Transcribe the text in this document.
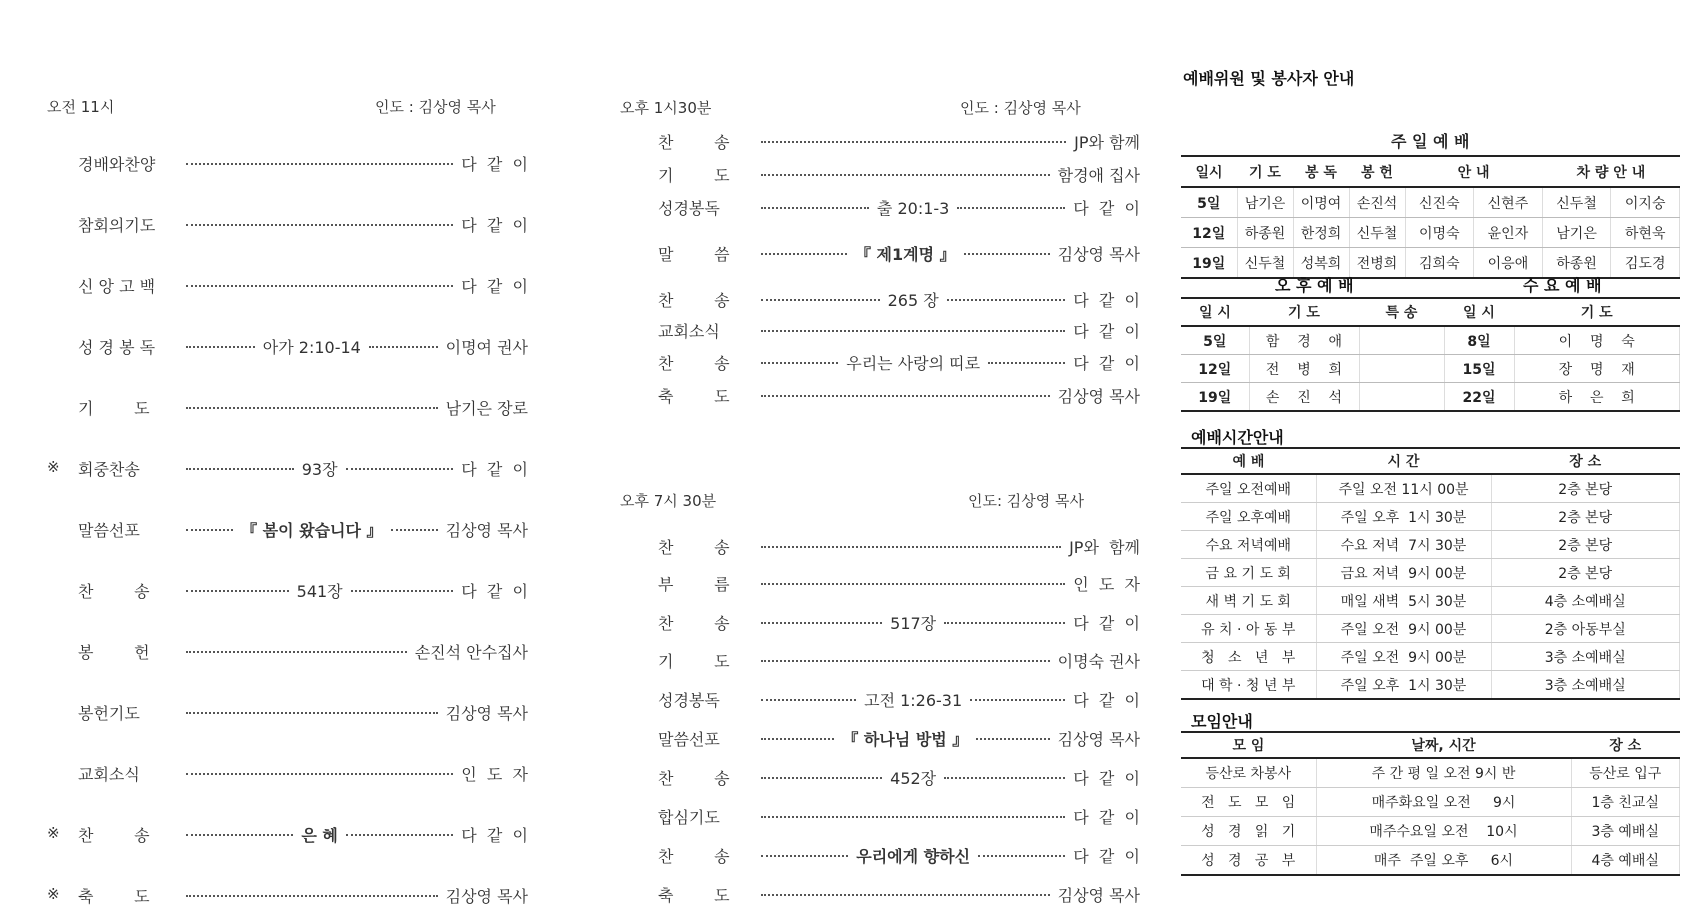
오전 11시	인도 : 김상영 목사
경배와찬양	다  같  이
참회의기도	다  같  이
신 앙 고 백	다  같  이
성 경 봉 독	아가 2:10-14	이명여 권사
기        도	남기은 장로
※ 회중찬송	93장	다  같  이
말씀선포	『 봄이 왔습니다 』	김상영 목사
찬        송	541장	다  같  이
봉        헌	손진석 안수집사
봉헌기도	김상영 목사
교회소식	인  도  자
※ 찬        송	은 혜	다  같  이
※ 축        도	김상영 목사
오후 1시30분	인도 : 김상영 목사
찬        송	JP와 함께
기        도	함경애 집사
성경봉독	출 20:1-3	다  같  이
말        씀	『 제1계명 』	김상영 목사
찬        송	265 장	다  같  이
교회소식	다  같  이
찬        송	우리는 사랑의 띠로	다  같  이
축        도	김상영 목사
오후 7시 30분	인도: 김상영 목사
찬        송	JP와  함께
부        름	인  도  자
찬        송	517장	다  같  이
기        도	이명숙 권사
성경봉독	고전 1:26-31	다  같  이
말씀선포	『 하나님 방법 』	김상영 목사
찬        송	452장	다  같  이
합심기도	다  같  이
찬        송	우리에게 향하신	다  같  이
축        도	김상영 목사
예배위원 및 봉사자 안내
주 일 예 배							
일시	기 도	봉 독	봉 헌	안 내		차 량 안 내	
5일	남기은	이명여	손진석	신진숙	신현주	신두철	이지숭
12일	하종원	한정희	신두철	이명숙	윤인자	남기은	하현욱
19일	신두철	성복희	전병희	김희숙	이응애	하종원	김도경
오 후 예 배	수 요 예 배
일 시	기 도	특 송	일 시	기 도
5일	함    경    애		8일	이    명    숙
12일	전    병    희		15일	장    명    재
19일	손    진    석		22일	하    은    희
예배시간안내
예 배	시 간	장 소
주일 오전예배	주일 오전 11시 00분	2층 본당
주일 오후예배	주일 오후  1시 30분	2층 본당
수요 저녁예배	수요 저녁  7시 30분	2층 본당
금 요 기 도 회	금요 저녁  9시 00분	2층 본당
새 벽 기 도 회	매일 새벽  5시 30분	4층 소예배실
유 치 · 아 동 부	주일 오전  9시 00분	2층 아동부실
청   소   년   부	주일 오전  9시 00분	3층 소예배실
대 학 · 청 년 부	주일 오후  1시 30분	3층 소예배실
모임안내
모 임	날짜, 시간	장 소
등산로 차봉사	주 간 평 일 오전 9시 반	등산로 입구
전   도   모   임	매주화요일 오전     9시	1층 친교실
성   경   읽   기	매주수요일 오전    10시	3층 예배실
성   경   공   부	매주  주일 오후     6시	4층 예배실
